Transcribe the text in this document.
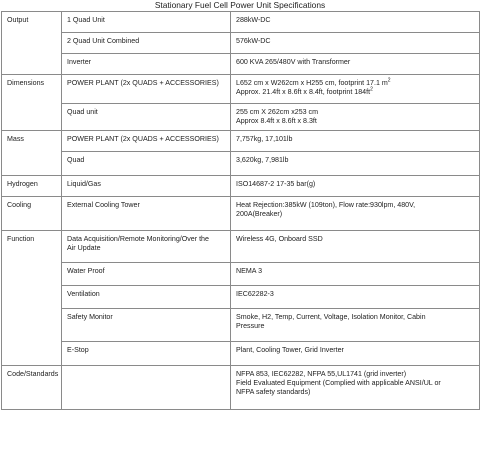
Stationary Fuel Cell Power Unit Specifications
Output	1 Quad Unit	288kW-DC
	2 Quad Unit Combined	576kW-DC
	Inverter	600 KVA 265/480V with Transformer
Dimensions	POWER PLANT (2x QUADS + ACCESSORIES)	L652 cm x W262cm x H255 cm, footprint 17.1 $m^2$
Approx. 21.4ft x 8.6ft x 8.4ft, footprint $184ft^2$

	Quad unit	255 cm X 262cm x253 cm
Approx 8.4ft x 8.6ft x 8.3ft

Mass	POWER PLANT (2x QUADS + ACCESSORIES)	7,757kg, 17,101lb
	Quad	3,620kg, 7,981lb
Hydrogen	Liquid/Gas	ISO14687-2 17-35 bar(g)
Cooling	External Cooling Tower	Heat Rejection:385kW (109ton), Flow rate:930lpm, 480V,
200A(Breaker)

Function	Data Acquisition/Remote Monitoring/Over the
Air Update	Wireless 4G, Onboard SSD
	Water Proof	NEMA 3
	Ventilation	IEC62282-3
	Safety Monitor	Smoke, H2, Temp, Current, Voltage, Isolation Monitor, Cabin
Pressure

	E-Stop	Plant, Cooling Tower, Grid Inverter
Code/Standards		NFPA 853, IEC62282, NFPA 55,UL1741 (grid inverter)
Field Evaluated Equipment (Complied with applicable ANSI/UL or
NFPA safety standards)
